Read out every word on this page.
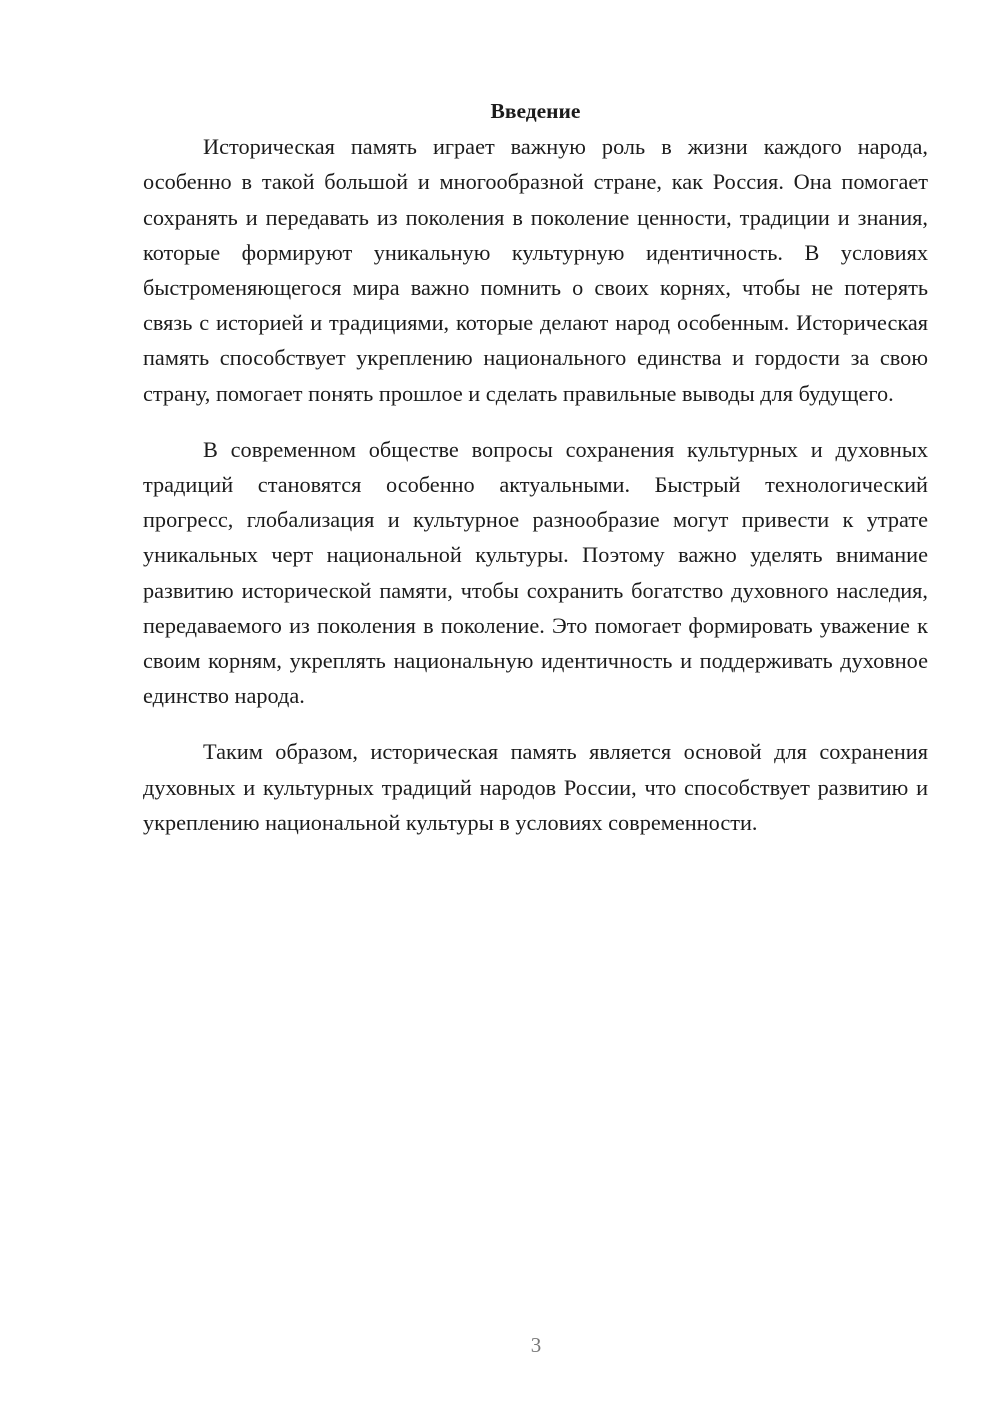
Введение

Историческая память играет важную роль в жизни каждого народа, особенно в такой большой и многообразной стране, как Россия. Она помогает сохранять и передавать из поколения в поколение ценности, традиции и знания, которые формируют уникальную культурную идентичность. В условиях быстроменяющегося мира важно помнить о своих корнях, чтобы не потерять связь с историей и традициями, которые делают народ особенным. Историческая память способствует укреплению национального единства и гордости за свою страну, помогает понять прошлое и сделать правильные выводы для будущего.

В современном обществе вопросы сохранения культурных и духовных традиций становятся особенно актуальными. Быстрый технологический прогресс, глобализация и культурное разнообразие могут привести к утрате уникальных черт национальной культуры. Поэтому важно уделять внимание развитию исторической памяти, чтобы сохранить богатство духовного наследия, передаваемого из поколения в поколение. Это помогает формировать уважение к своим корням, укреплять национальную идентичность и поддерживать духовное единство народа.

Таким образом, историческая память является основой для сохранения духовных и культурных традиций народов России, что способствует развитию и укреплению национальной культуры в условиях современности.

3
